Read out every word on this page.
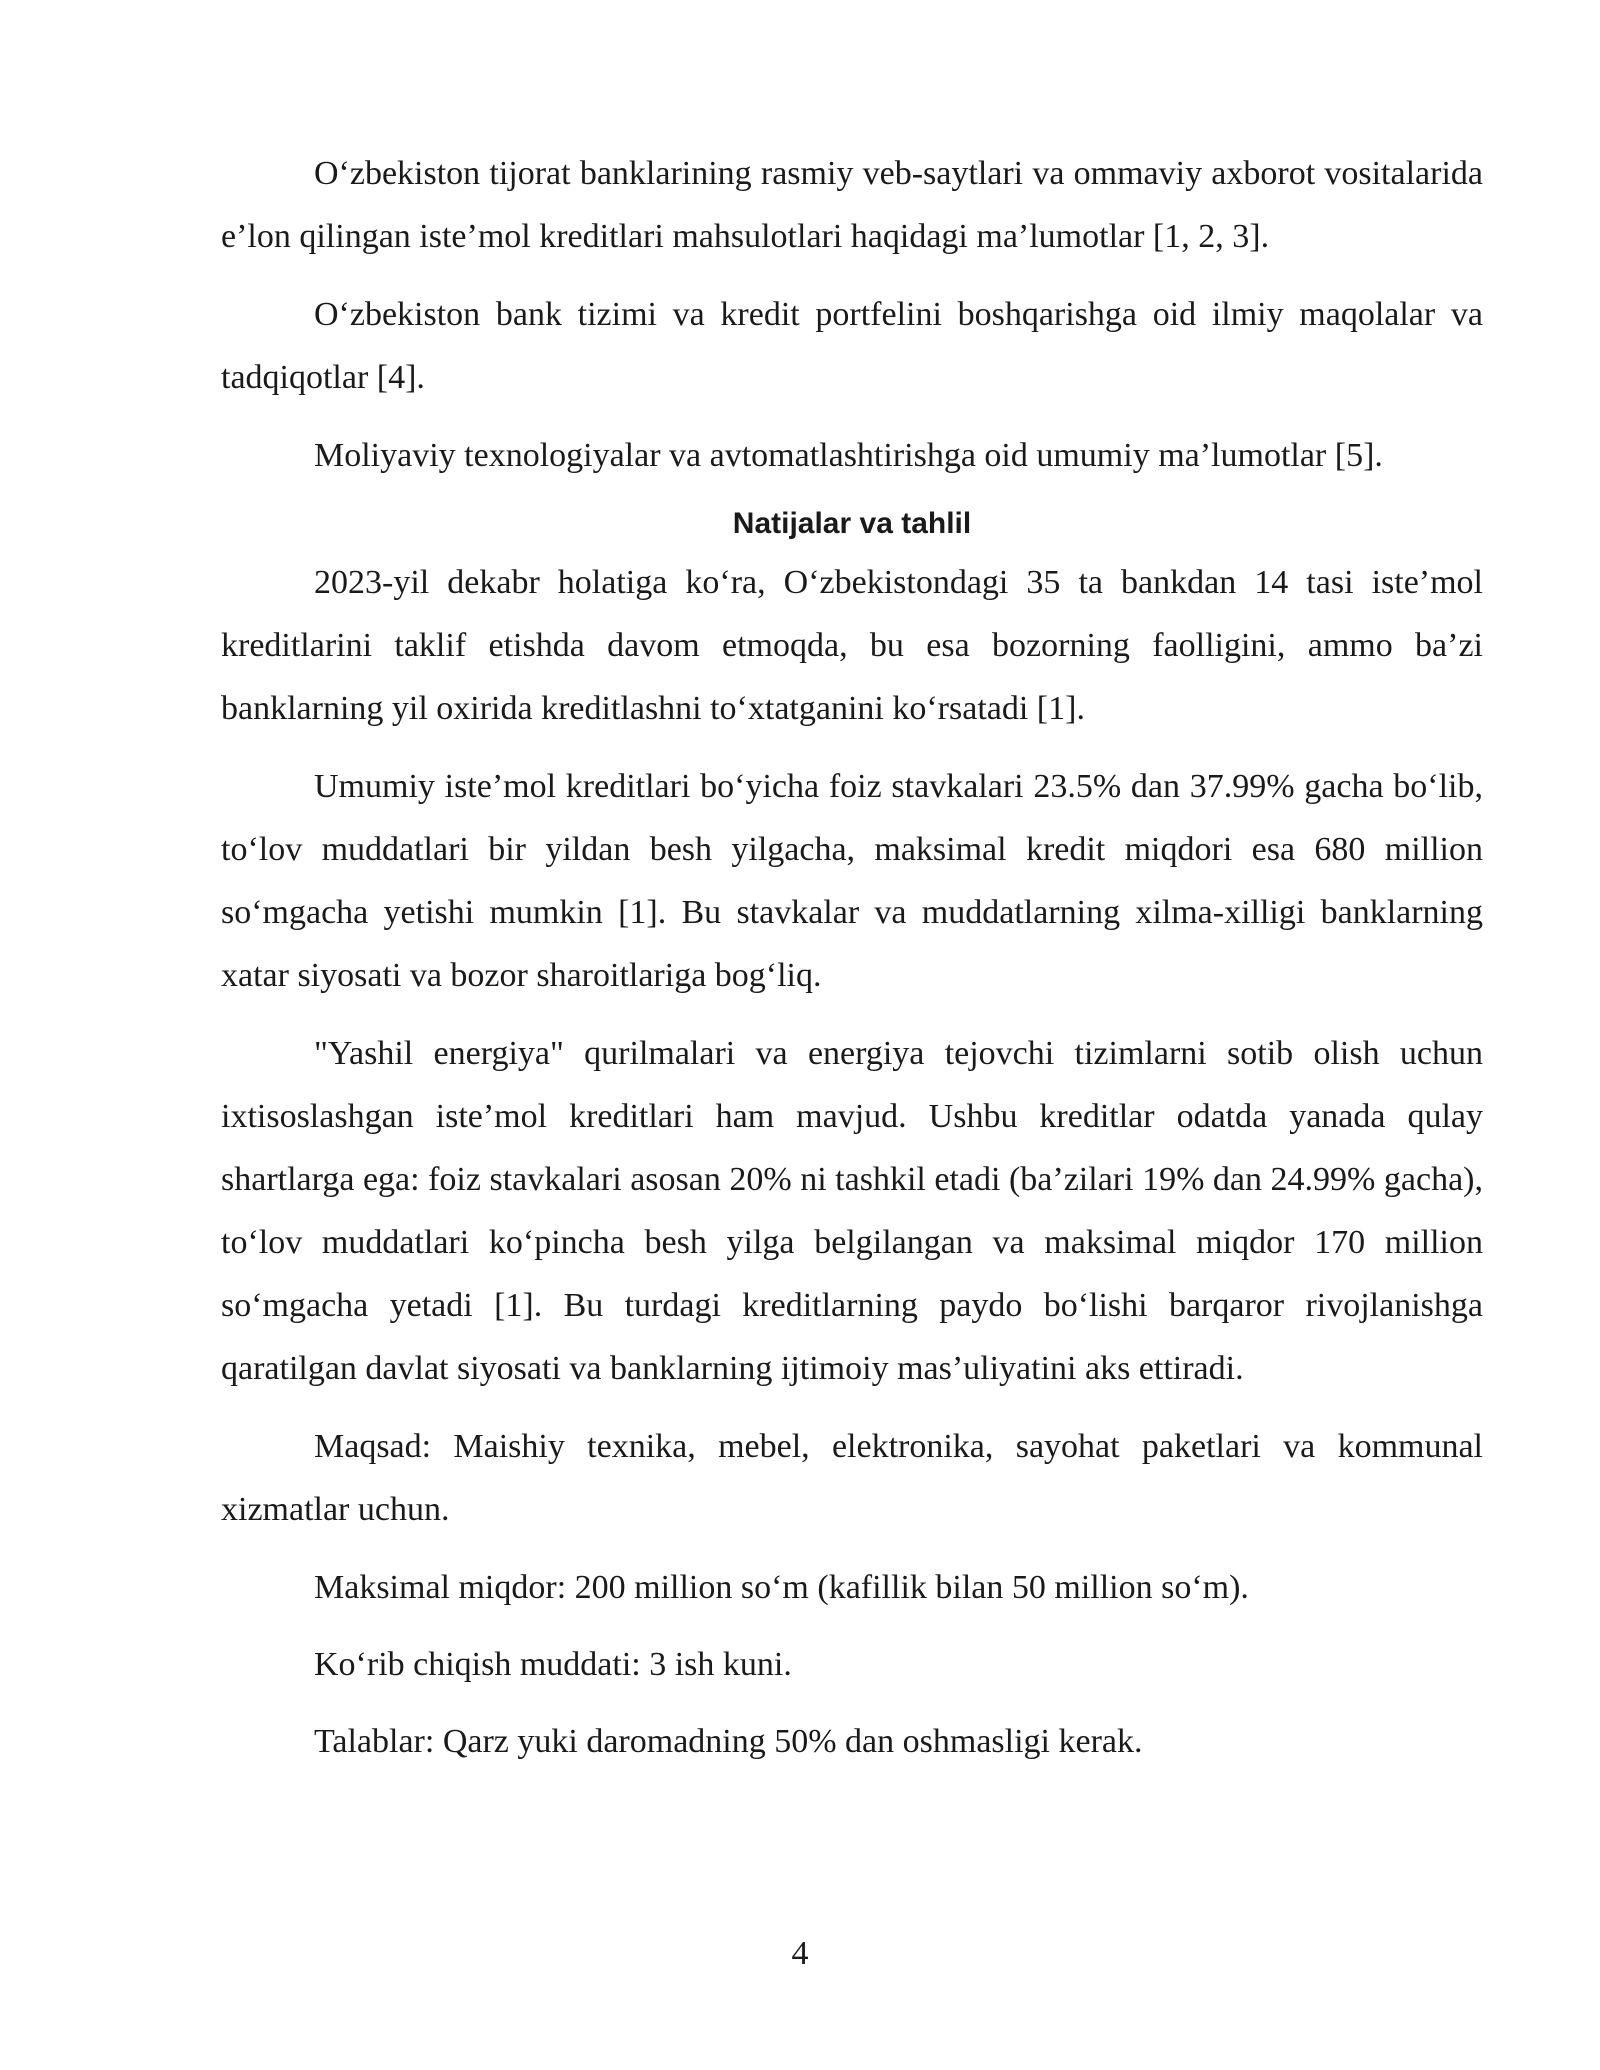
O‘zbekiston tijorat banklarining rasmiy veb-saytlari va ommaviy axborot vositalarida e’lon qilingan iste’mol kreditlari mahsulotlari haqidagi ma’lumotlar [1, 2, 3].

O‘zbekiston bank tizimi va kredit portfelini boshqarishga oid ilmiy maqolalar va tadqiqotlar [4].

Moliyaviy texnologiyalar va avtomatlashtirishga oid umumiy ma’lumotlar [5].

Natijalar va tahlil

2023-yil dekabr holatiga ko‘ra, O‘zbekistondagi 35 ta bankdan 14 tasi iste’mol kreditlarini taklif etishda davom etmoqda, bu esa bozorning faolligini, ammo ba’zi banklarning yil oxirida kreditlashni to‘xtatganini ko‘rsatadi [1].

Umumiy iste’mol kreditlari bo‘yicha foiz stavkalari 23.5% dan 37.99% gacha bo‘lib, to‘lov muddatlari bir yildan besh yilgacha, maksimal kredit miqdori esa 680 million so‘mgacha yetishi mumkin [1]. Bu stavkalar va muddatlarning xilma-xilligi banklarning xatar siyosati va bozor sharoitlariga bog‘liq.

"Yashil energiya" qurilmalari va energiya tejovchi tizimlarni sotib olish uchun ixtisoslashgan iste’mol kreditlari ham mavjud. Ushbu kreditlar odatda yanada qulay shartlarga ega: foiz stavkalari asosan 20% ni tashkil etadi (ba’zilari 19% dan 24.99% gacha), to‘lov muddatlari ko‘pincha besh yilga belgilangan va maksimal miqdor 170 million so‘mgacha yetadi [1]. Bu turdagi kreditlarning paydo bo‘lishi barqaror rivojlanishga qaratilgan davlat siyosati va banklarning ijtimoiy mas’uliyatini aks ettiradi.

Maqsad: Maishiy texnika, mebel, elektronika, sayohat paketlari va kommunal xizmatlar uchun.

Maksimal miqdor: 200 million so‘m (kafillik bilan 50 million so‘m).

Ko‘rib chiqish muddati: 3 ish kuni.

Talablar: Qarz yuki daromadning 50% dan oshmasligi kerak.

4
